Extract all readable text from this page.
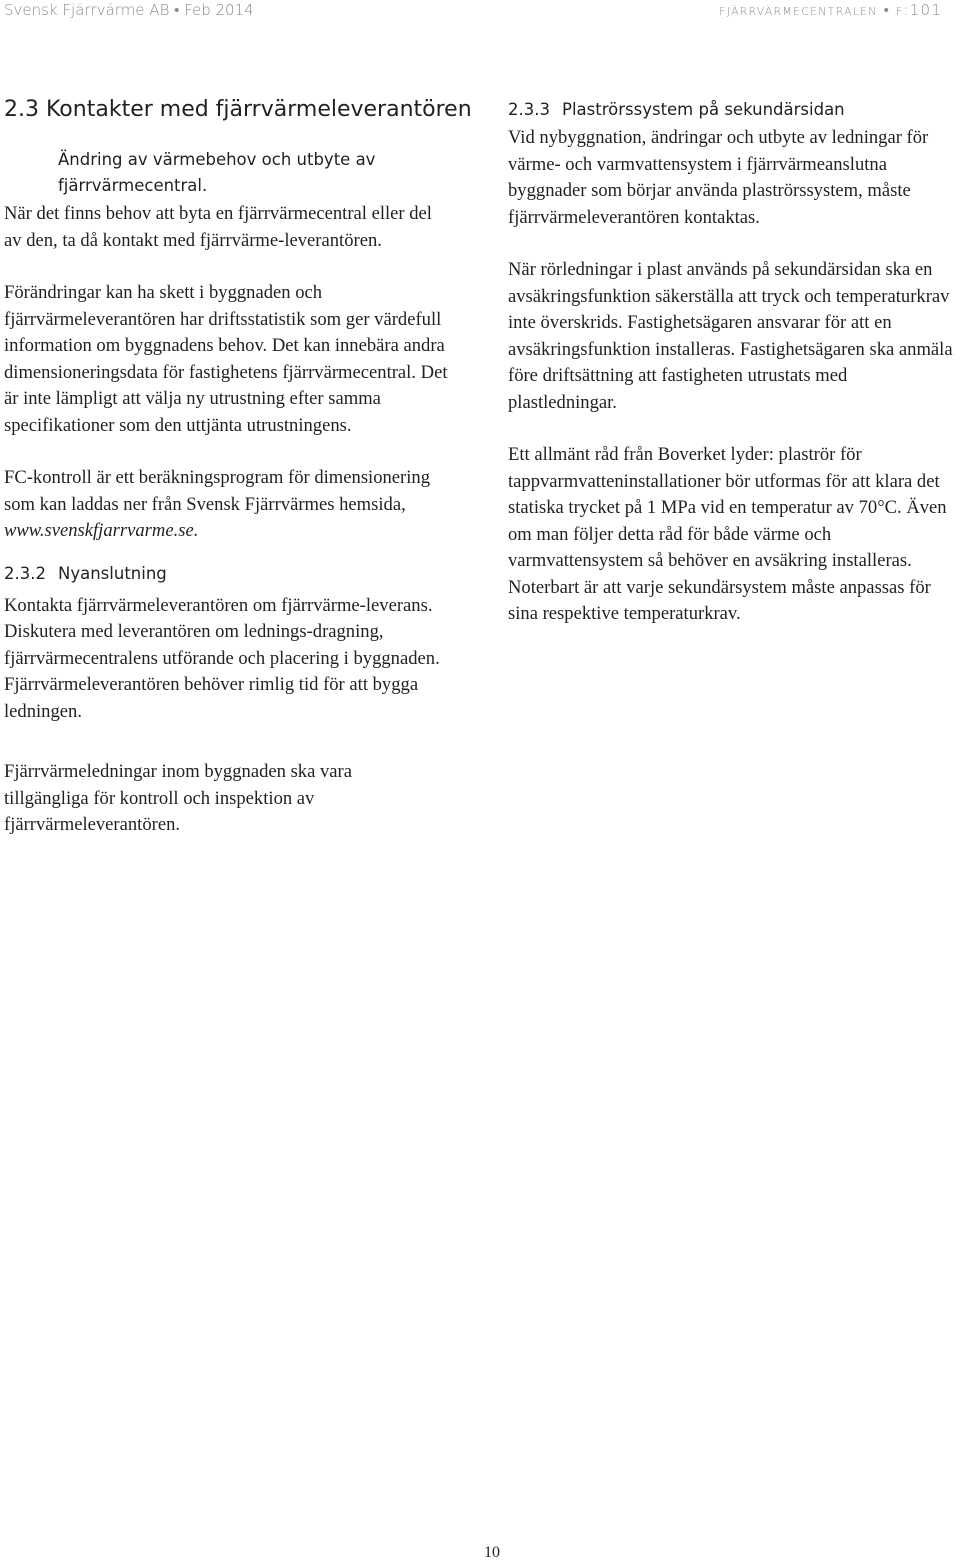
Svensk Fjärrvärme AB • Feb 2014	fjärrvärmecentralen • f:101
2.3 Kontakter med fjärrvärmeleverantören
Ändring av värmebehov och utbyte av fjärrvärmecentral.

När det finns behov att byta en fjärrvärmecentral eller del av den, ta då kontakt med fjärrvärme-leverantören.

Förändringar kan ha skett i byggnaden och fjärrvärmeleverantören har driftsstatistik som ger värdefull information om byggnadens behov. Det kan innebära andra dimensioneringsdata för fastighetens fjärrvärmecentral. Det är inte lämpligt att välja ny utrustning efter samma specifikationer som den uttjänta utrustningens.

FC-kontroll är ett beräkningsprogram för dimensionering som kan laddas ner från Svensk Fjärrvärmes hemsida, www.svenskfjarrvarme.se.

2.3.2 Nyanslutning

Kontakta fjärrvärmeleverantören om fjärrvärme-leverans. Diskutera med leverantören om lednings-dragning, fjärrvärmecentralens utförande och placering i byggnaden. Fjärrvärmeleverantören behöver rimlig tid för att bygga ledningen.

Fjärrvärmeledningar inom byggnaden ska vara tillgängliga för kontroll och inspektion av fjärrvärmeleverantören.

2.3.3 Plaströrssystem på sekundärsidan

Vid nybyggnation, ändringar och utbyte av ledningar för värme- och varmvattensystem i fjärrvärmeanslutna byggnader som börjar använda plaströrssystem, måste fjärrvärmeleverantören kontaktas.

När rörledningar i plast används på sekundärsidan ska en avsäkringsfunktion säkerställa att tryck och temperaturkrav inte överskrids. Fastighetsägaren ansvarar för att en avsäkringsfunktion installeras. Fastighetsägaren ska anmäla före driftsättning att fastigheten utrustats med plastledningar.

Ett allmänt råd från Boverket lyder: plaströr för tappvarmvatteninstallationer bör utformas för att klara det statiska trycket på 1 MPa vid en temperatur av 70°C. Även om man följer detta råd för både värme och varmvattensystem så behöver en avsäkring installeras. Noterbart är att varje sekundärsystem måste anpassas för sina respektive temperaturkrav.

10
